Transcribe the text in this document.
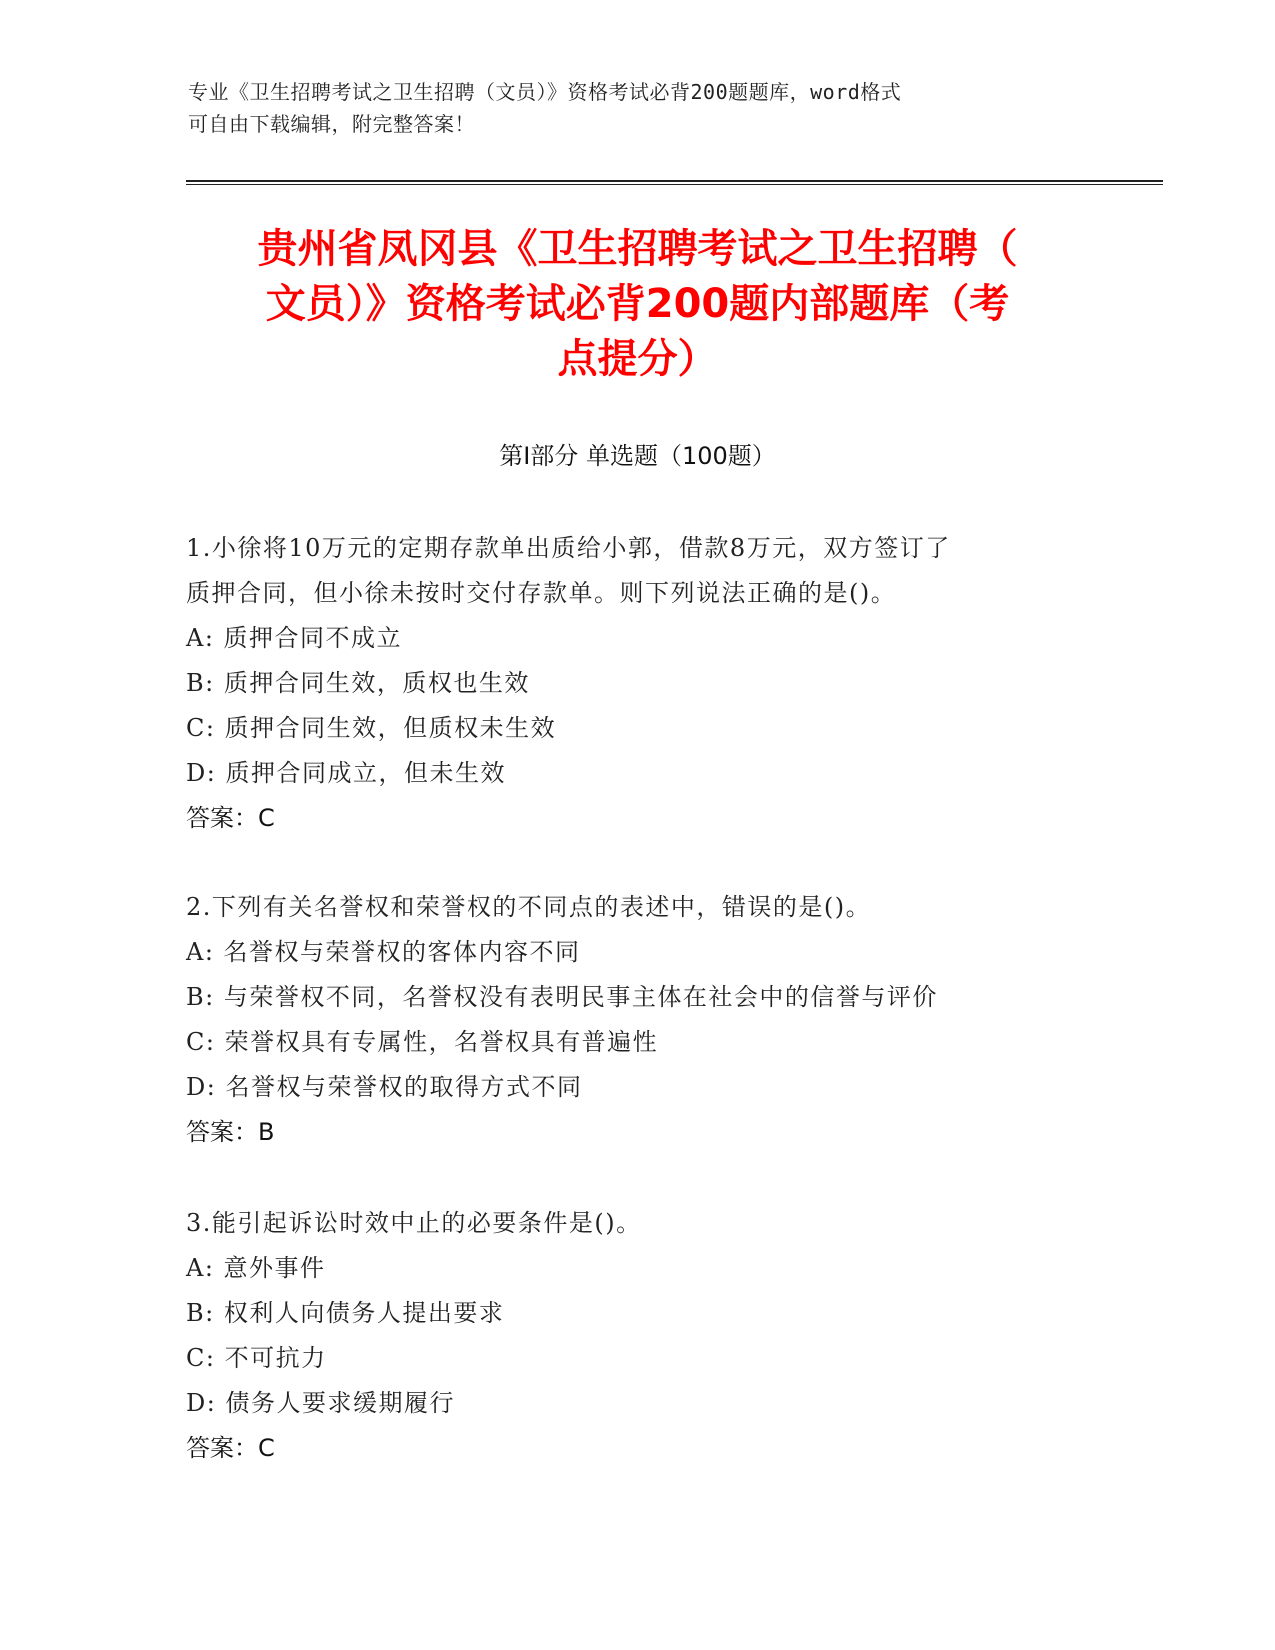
专业《卫生招聘考试之卫生招聘（文员）》资格考试必背200题题库，word格式
可自由下载编辑，附完整答案！
贵州省凤冈县《卫生招聘考试之卫生招聘（
文员）》资格考试必背200题内部题库（考
点提分）
第Ⅰ部分 单选题（100题）
1.小徐将10万元的定期存款单出质给小郭，借款8万元，双方签订了
质押合同，但小徐未按时交付存款单。则下列说法正确的是()。
A: 质押合同不成立
B: 质押合同生效，质权也生效
C: 质押合同生效，但质权未生效
D: 质押合同成立，但未生效
答案：C
2.下列有关名誉权和荣誉权的不同点的表述中，错误的是()。
A: 名誉权与荣誉权的客体内容不同
B: 与荣誉权不同，名誉权没有表明民事主体在社会中的信誉与评价
C: 荣誉权具有专属性，名誉权具有普遍性
D: 名誉权与荣誉权的取得方式不同
答案：B
3.能引起诉讼时效中止的必要条件是()。
A: 意外事件
B: 权利人向债务人提出要求
C: 不可抗力
D: 债务人要求缓期履行
答案：C
